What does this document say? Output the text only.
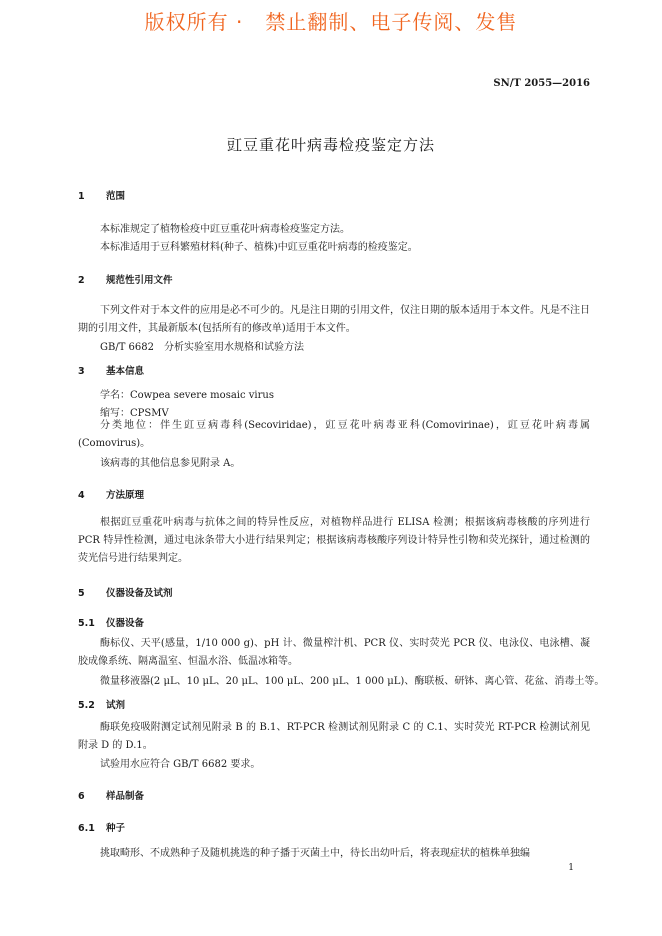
版权所有 ·   禁止翻制、电子传阅、发售
SN/T 2055—2016
豇豆重花叶病毒检疫鉴定方法
1 范围
本标准规定了植物检疫中豇豆重花叶病毒检疫鉴定方法。
本标准适用于豆科繁殖材料(种子、植株)中豇豆重花叶病毒的检疫鉴定。
2 规范性引用文件
下列文件对于本文件的应用是必不可少的。凡是注日期的引用文件，仅注日期的版本适用于本文件。凡是不注日期的引用文件，其最新版本(包括所有的修改单)适用于本文件。
GB/T 6682　分析实验室用水规格和试验方法
3 基本信息
学名：Cowpea severe mosaic virus
缩写：CPSMV
分类地位：伴生豇豆病毒科(Secoviridae)，豇豆花叶病毒亚科(Comovirinae)，豇豆花叶病毒属(Comovirus)。
该病毒的其他信息参见附录 A。
4 方法原理
根据豇豆重花叶病毒与抗体之间的特异性反应，对植物样品进行 ELISA 检测；根据该病毒核酸的序列进行 PCR 特异性检测，通过电泳条带大小进行结果判定；根据该病毒核酸序列设计特异性引物和荧光探针，通过检测的荧光信号进行结果判定。
5 仪器设备及试剂
5.1 仪器设备
酶标仪、天平(感量，1/10 000 g)、pH 计、微量榨汁机、PCR 仪、实时荧光 PCR 仪、电泳仪、电泳槽、凝胶成像系统、隔离温室、恒温水浴、低温冰箱等。
微量移液器(2 μL、10 μL、20 μL、100 μL、200 μL、1 000 μL)、酶联板、研钵、离心管、花盆、消毒土等。
5.2 试剂
酶联免疫吸附测定试剂见附录 B 的 B.1、RT-PCR 检测试剂见附录 C 的 C.1、实时荧光 RT-PCR 检测试剂见附录 D 的 D.1。
试验用水应符合 GB/T 6682 要求。
6 样品制备
6.1 种子
挑取畸形、不成熟种子及随机挑选的种子播于灭菌土中，待长出幼叶后，将表现症状的植株单独编
1
